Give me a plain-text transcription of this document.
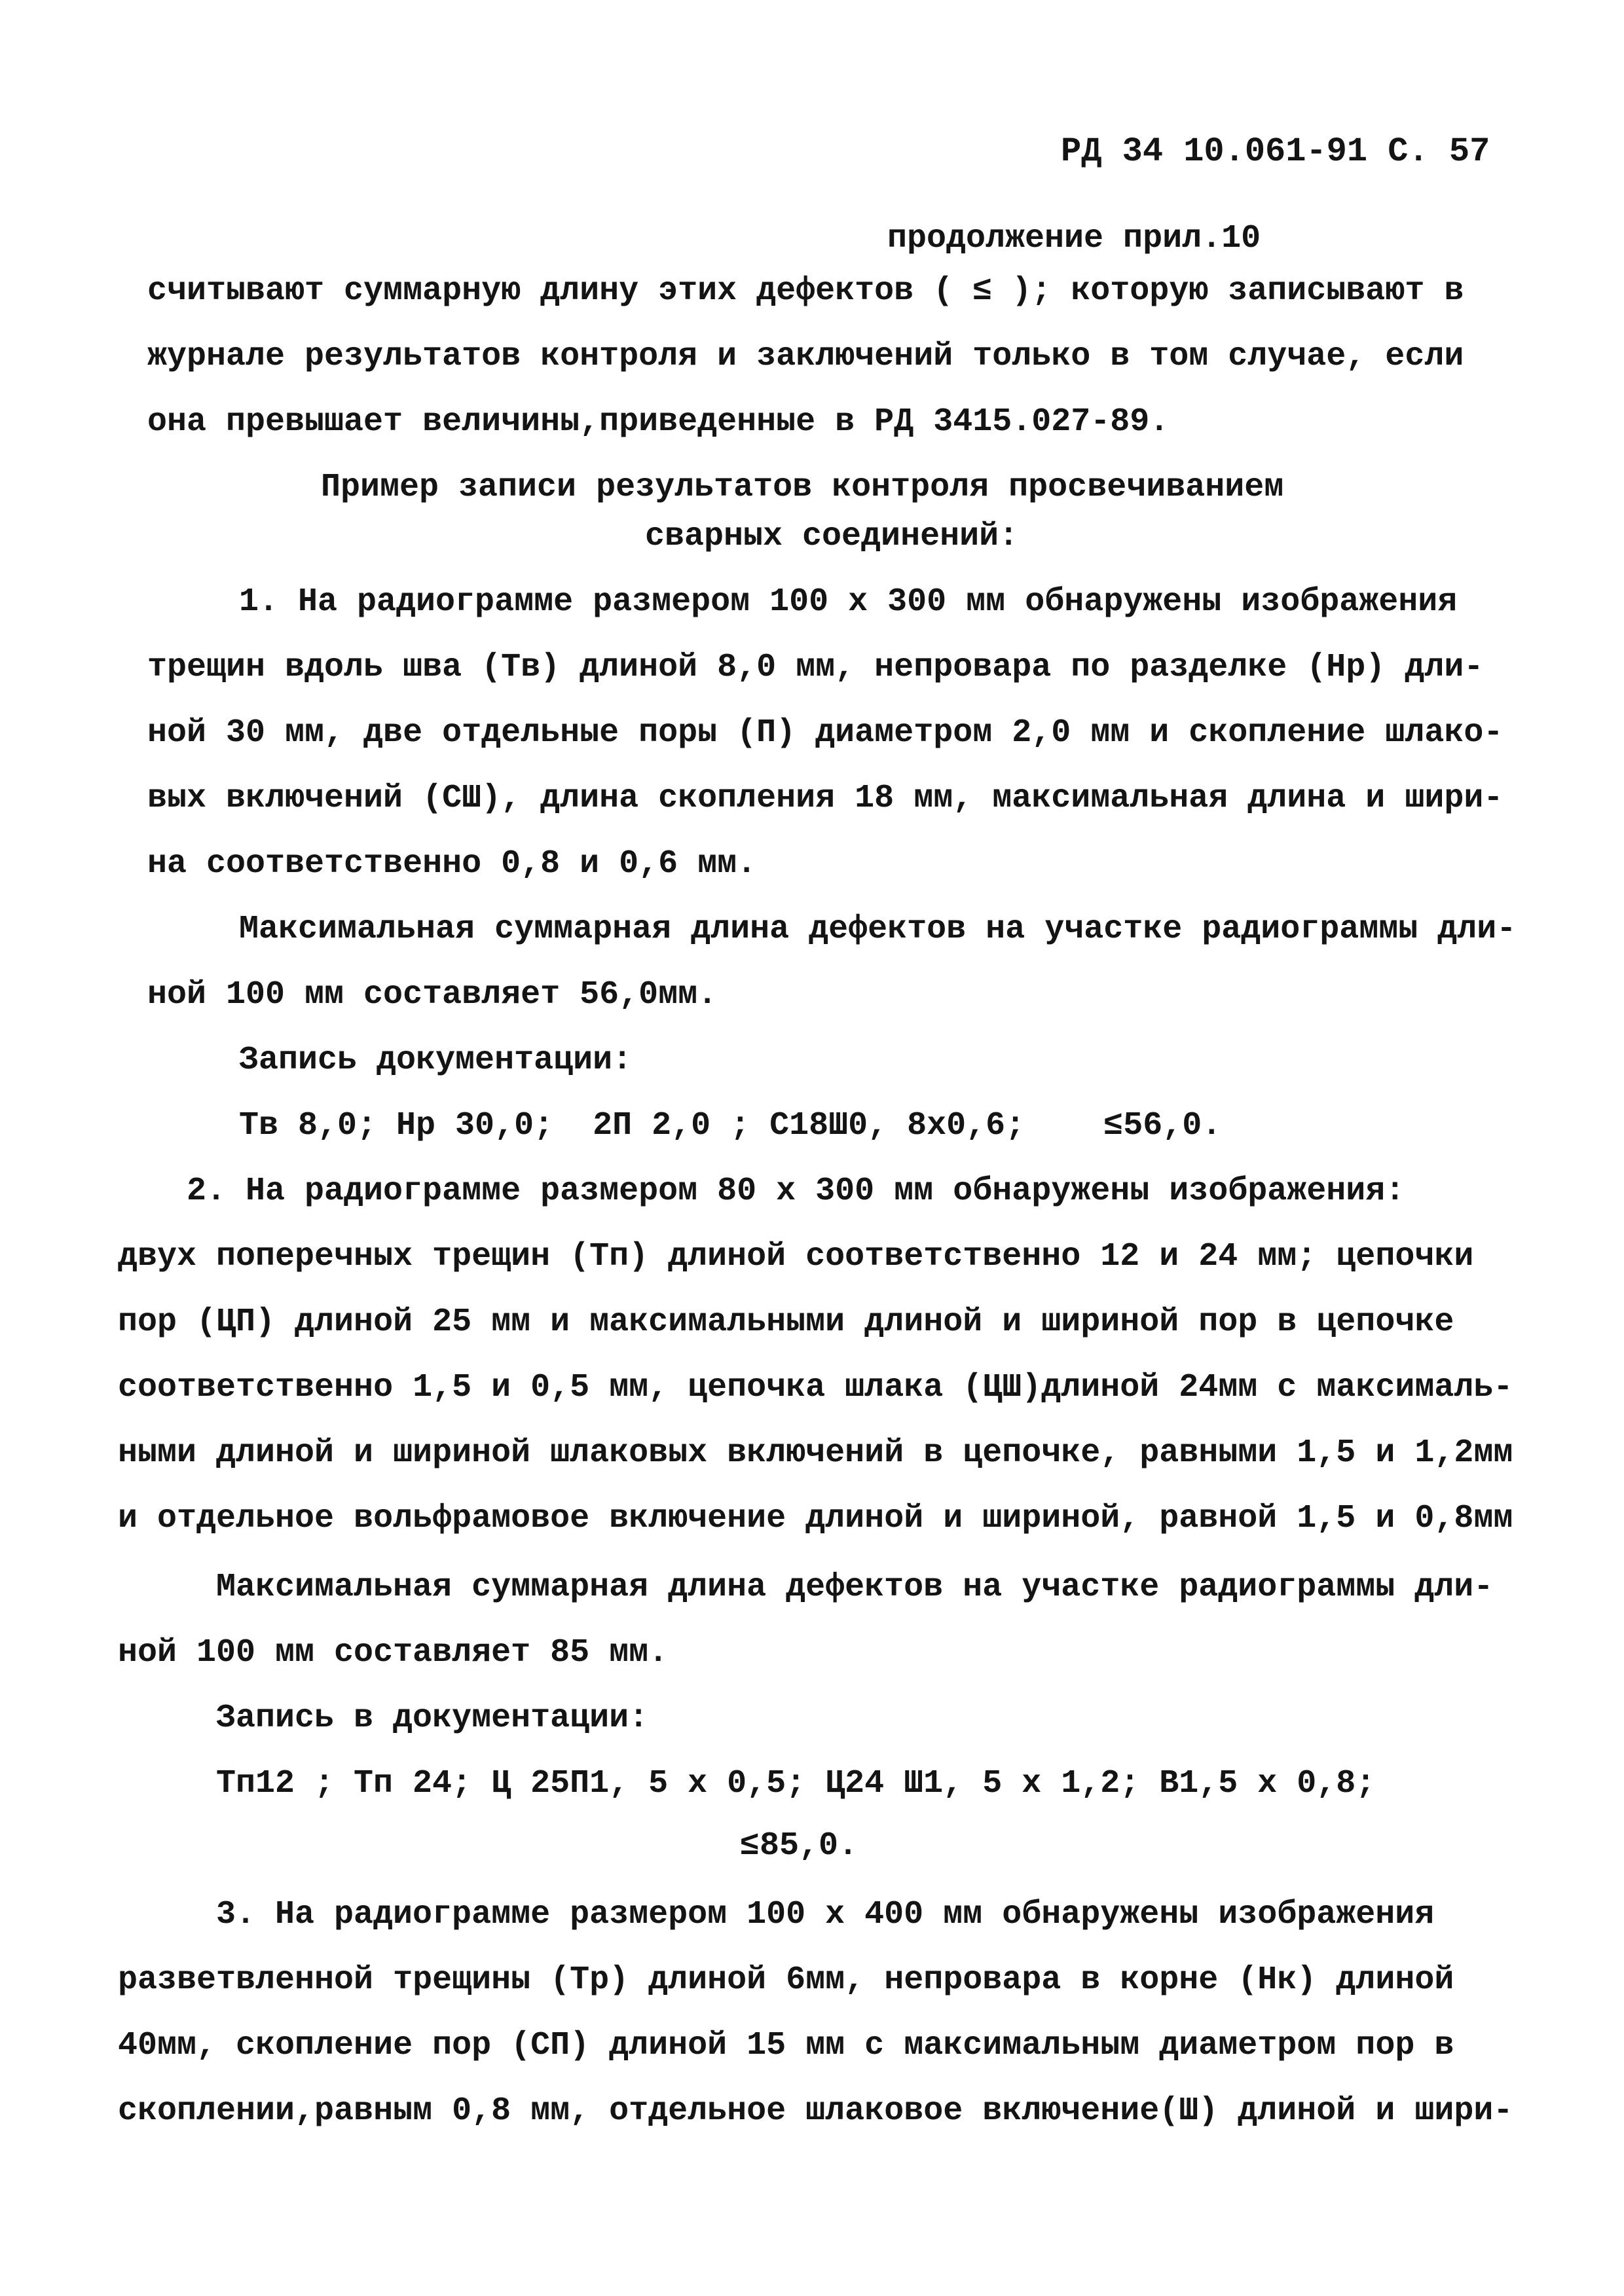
РД 34 10.061-91 С. 57
продолжение прил.10
считывают суммарную длину этих дефектов ( ≤ ); которую записывают в
журнале результатов контроля и заключений только в том случае, если
она превышает величины,приведенные в РД 3415.027-89.
Пример записи результатов контроля просвечиванием
сварных соединений:
1. На радиограмме размером 100 x 300 мм обнаружены изображения
трещин вдоль шва (Тв) длиной 8,0 мм, непровара по разделке (Нр) дли-
ной 30 мм, две отдельные поры (П) диаметром 2,0 мм и скопление шлако-
вых включений (СШ), длина скопления 18 мм, максимальная длина и шири-
на соответственно 0,8 и 0,6 мм.
Максимальная суммарная длина дефектов на участке радиограммы дли-
ной 100 мм составляет 56,0мм.
Запись документации:
Тв 8,0; Нр 30,0;  2П 2,0 ; С18Ш0, 8x0,6;    ≤56,0.
2. На радиограмме размером 80 x 300 мм обнаружены изображения:
двух поперечных трещин (Тп) длиной соответственно 12 и 24 мм; цепочки
пор (ЦП) длиной 25 мм и максимальными длиной и шириной пор в цепочке
соответственно 1,5 и 0,5 мм, цепочка шлака (ЦШ)длиной 24мм с максималь-
ными длиной и шириной шлаковых включений в цепочке, равными 1,5 и 1,2мм
и отдельное вольфрамовое включение длиной и шириной, равной 1,5 и 0,8мм
Максимальная суммарная длина дефектов на участке радиограммы дли-
ной 100 мм составляет 85 мм.
Запись в документации:
Тп12 ; Тп 24; Ц 25П1, 5 x 0,5; Ц24 Ш1, 5 x 1,2; В1,5 x 0,8;
≤85,0.
3. На радиограмме размером 100 x 400 мм обнаружены изображения
разветвленной трещины (Тр) длиной 6мм, непровара в корне (Нк) длиной
40мм, скопление пор (СП) длиной 15 мм с максимальным диаметром пор в
скоплении,равным 0,8 мм, отдельное шлаковое включение(Ш) длиной и шири-
